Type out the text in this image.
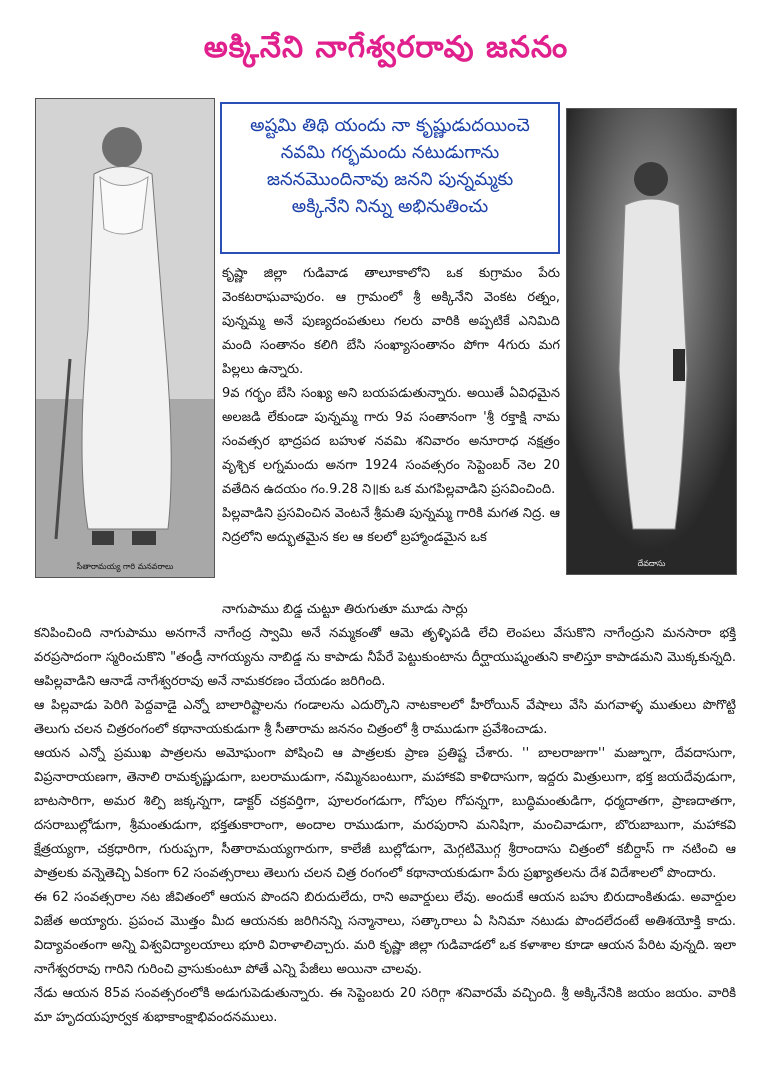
అక్కినేని నాగేశ్వరరావు జననం
సీతారామయ్య గారి మనవరాలు	దేవదాసు
అష్టమి తిథి యందు నా కృష్ణుడుదయించె
నవమి గర్భమందు నటుడుగాను
జననమొందినావు జనని పున్నమ్మకు
అక్కినేని నిన్ను అభినుతించు

కృష్ణా జిల్లా గుడివాడ తాలూకాలోని ఒక కుగ్రామం పేరు వెంకటరాఘవాపురం. ఆ గ్రామంలో శ్రీ అక్కినేని వెంకట రత్నం, పున్నమ్మ అనే పుణ్యదంపతులు గలరు వారికి అప్పటికే ఎనిమిది మంది సంతానం కలిగి బేసి సంఖ్యాసంతానం పోగా 4గురు మగ పిల్లలు ఉన్నారు.

9వ గర్భం బేసి సంఖ్య అని బయపడుతున్నారు. అయితే ఏవిధమైన అలజడి లేకుండా పున్నమ్మ గారు 9వ సంతానంగా 'శ్రీ రక్తాక్షి నామ సంవత్సర భాద్రపద బహుళ నవమి శనివారం అనూరాధ నక్షత్రం వృశ్చిక లగ్నమందు అనగా 1924 సంవత్సరం సెప్టెంబర్ నెల 20 వతేదిన ఉదయం గం.9.28 ని॥కు ఒక మగపిల్లవాడిని ప్రసవించింది.

పిల్లవాడిని ప్రసవించిన వెంటనే శ్రీమతి పున్నమ్మ గారికి మగత నిద్ర. ఆ నిద్రలోని అద్భుతమైన కల ఆ కలలో బ్రహ్మాండమైన ఒక

నాగుపాము బిడ్డ చుట్టూ తిరుగుతూ మూడు సార్లు

కనిపించింది నాగుపాము అనగానే నాగేంద్ర స్వామి అనే నమ్మకంతో ఆమె తృళ్ళిపడి లేచి లెంపలు వేసుకొని నాగేంద్రుని మనసారా భక్తి వరప్రసాదంగా స్మరించుకొని "తండ్రీ నాగయ్యను నాబిడ్డ ను కాపాడు నీపేరే పెట్టుకుంటాను దీర్ఘాయుష్మంతుని కాలిస్తూ కాపాడమని మొక్కకున్నది. ఆపిల్లవాడిని ఆనాడే నాగేశ్వరరావు అనే నామకరణం చేయడం జరిగింది.

ఆ పిల్లవాడు పెరిగి పెద్దవాడై ఎన్నో బాలారిష్టాలను గండాలను ఎదుర్కొని నాటకాలలో హీరోయిన్ వేషాలు వేసి మగవాళ్ళ ముతులు పొగొట్టి తెలుగు చలన చిత్రరంగంలో కథానాయకుడుగా శ్రీ సీతారామ జననం చిత్రంలో శ్రీ రాముడుగా ప్రవేశించాడు.

ఆయన ఎన్నో ప్రముఖ పాత్రలను అమోఘంగా పోషించి ఆ పాత్రలకు ప్రాణ ప్రతిష్ట చేశారు. '' బాలరాజుగా'' మజ్నూగా, దేవదాసుగా, విప్రనారాయణగా, తెనాలి రామకృష్ణుడుగా, బలరాముడుగా, నమ్మినబంటుగా, మహాకవి కాళిదాసుగా, ఇద్దరు మిత్రులుగా, భక్త జయదేవుడుగా, బాటసారిగా, అమర శిల్పి జక్కన్నగా, డాక్టర్ చక్రవర్తిగా, పూలరంగడుగా, గోపుల గోపన్నగా, బుద్ధిమంతుడిగా, ధర్మదాతగా, ప్రాణదాతగా, దసరాబుల్లోడుగా, శ్రీమంతుడుగా, భక్తతుకారాంగా, అందాల రాముడుగా, మరపురాని మనిషిగా, మంచివాడుగా, బొరుబాబుగా, మహాకవి క్షేత్రయ్యగా, చక్రధారిగా, గురుప్పగా, సీతారామయ్యగారుగా, కాలేజీ బుల్లోడుగా, మెగ్గటిమొగ్గ శ్రీరాందాసు చిత్రంలో కబీర్దాస్ గా నటించి ఆ పాత్రలకు వన్నెతెచ్చి ఏకంగా 62 సంవత్సరాలు తెలుగు చలన చిత్ర రంగంలో కథానాయకుడుగా పేరు ప్రఖ్యాతలను దేశ విదేశాలలో పొందారు.

ఈ 62 సంవత్సరాల నట జీవితంలో ఆయన పొందని బిరుదులేదు, రాని అవార్డులు లేవు. అందుకే ఆయన బహు బిరుదాంకితుడు. అవార్డుల విజేత అయ్యారు. ప్రపంచ మొత్తం మీద ఆయనకు జరిగినన్ని సన్మానాలు, సత్కారాలు ఏ సినిమా నటుడు పొందలేదంటే అతిశయోక్తి కాదు. విద్యావంతంగా అన్ని విశ్వవిద్యాలయాలు భూరి విరాళాలిచ్చారు. మరి కృష్ణా జిల్లా గుడివాడలో ఒక కళాశాల కూడా ఆయన పేరిట వున్నది. ఇలా నాగేశ్వరరావు గారిని గురించి వ్రాసుకుంటూ పోతే ఎన్ని పేజీలు అయినా చాలవు.

నేడు ఆయన 85వ సంవత్సరంలోకి అడుగుపెడుతున్నారు. ఈ సెప్టెంబరు 20 సరిగ్గా శనివారమే వచ్చింది. శ్రీ అక్కినేనికి జయం జయం. వారికి మా హృదయపూర్వక శుభాకాంక్షాభివందనములు.
